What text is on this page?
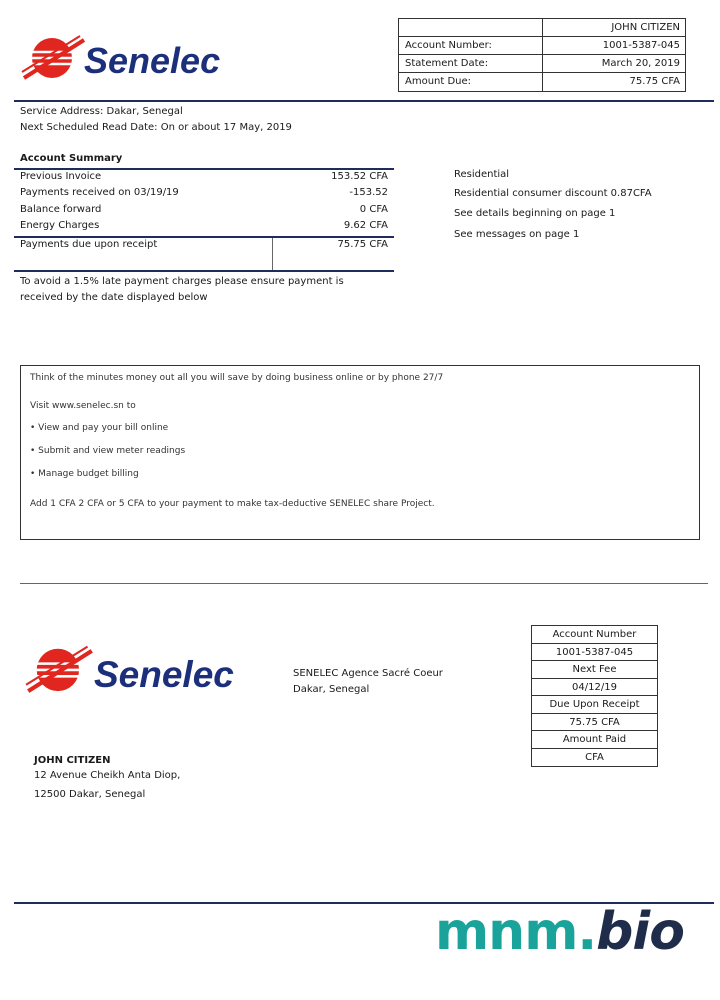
Senelec
JOHN CITIZEN
Account Number:	1001-5387-045
Statement Date:	March 20, 2019
Amount Due:	75.75 CFA
Service Address: Dakar, Senegal
Next Scheduled Read Date: On or about 17 May, 2019
Account Summary
Previous Invoice	153.52 CFA
Payments received on 03/19/19	-153.52
Balance forward	0 CFA
Energy Charges	9.62 CFA
Payments due upon receipt	75.75 CFA
To avoid a 1.5% late payment charges please ensure payment is
received by the date displayed below
Residential
Residential consumer discount 0.87CFA
See details beginning on page 1
See messages on page 1
Think of the minutes money out all you will save by doing business online or by phone 27/7
Visit www.senelec.sn to
• View and pay your bill online
• Submit and view meter readings
• Manage budget billing
Add 1 CFA 2 CFA or 5 CFA to your payment to make tax-deductive SENELEC share Project.
Senelec	SENELEC Agence Sacré Coeur
Dakar, Senegal
Account Number
1001-5387-045
Next Fee
04/12/19
Due Upon Receipt
75.75 CFA
Amount Paid
CFA
JOHN CITIZEN
12 Avenue Cheikh Anta Diop,
12500 Dakar, Senegal
mnm.bio
